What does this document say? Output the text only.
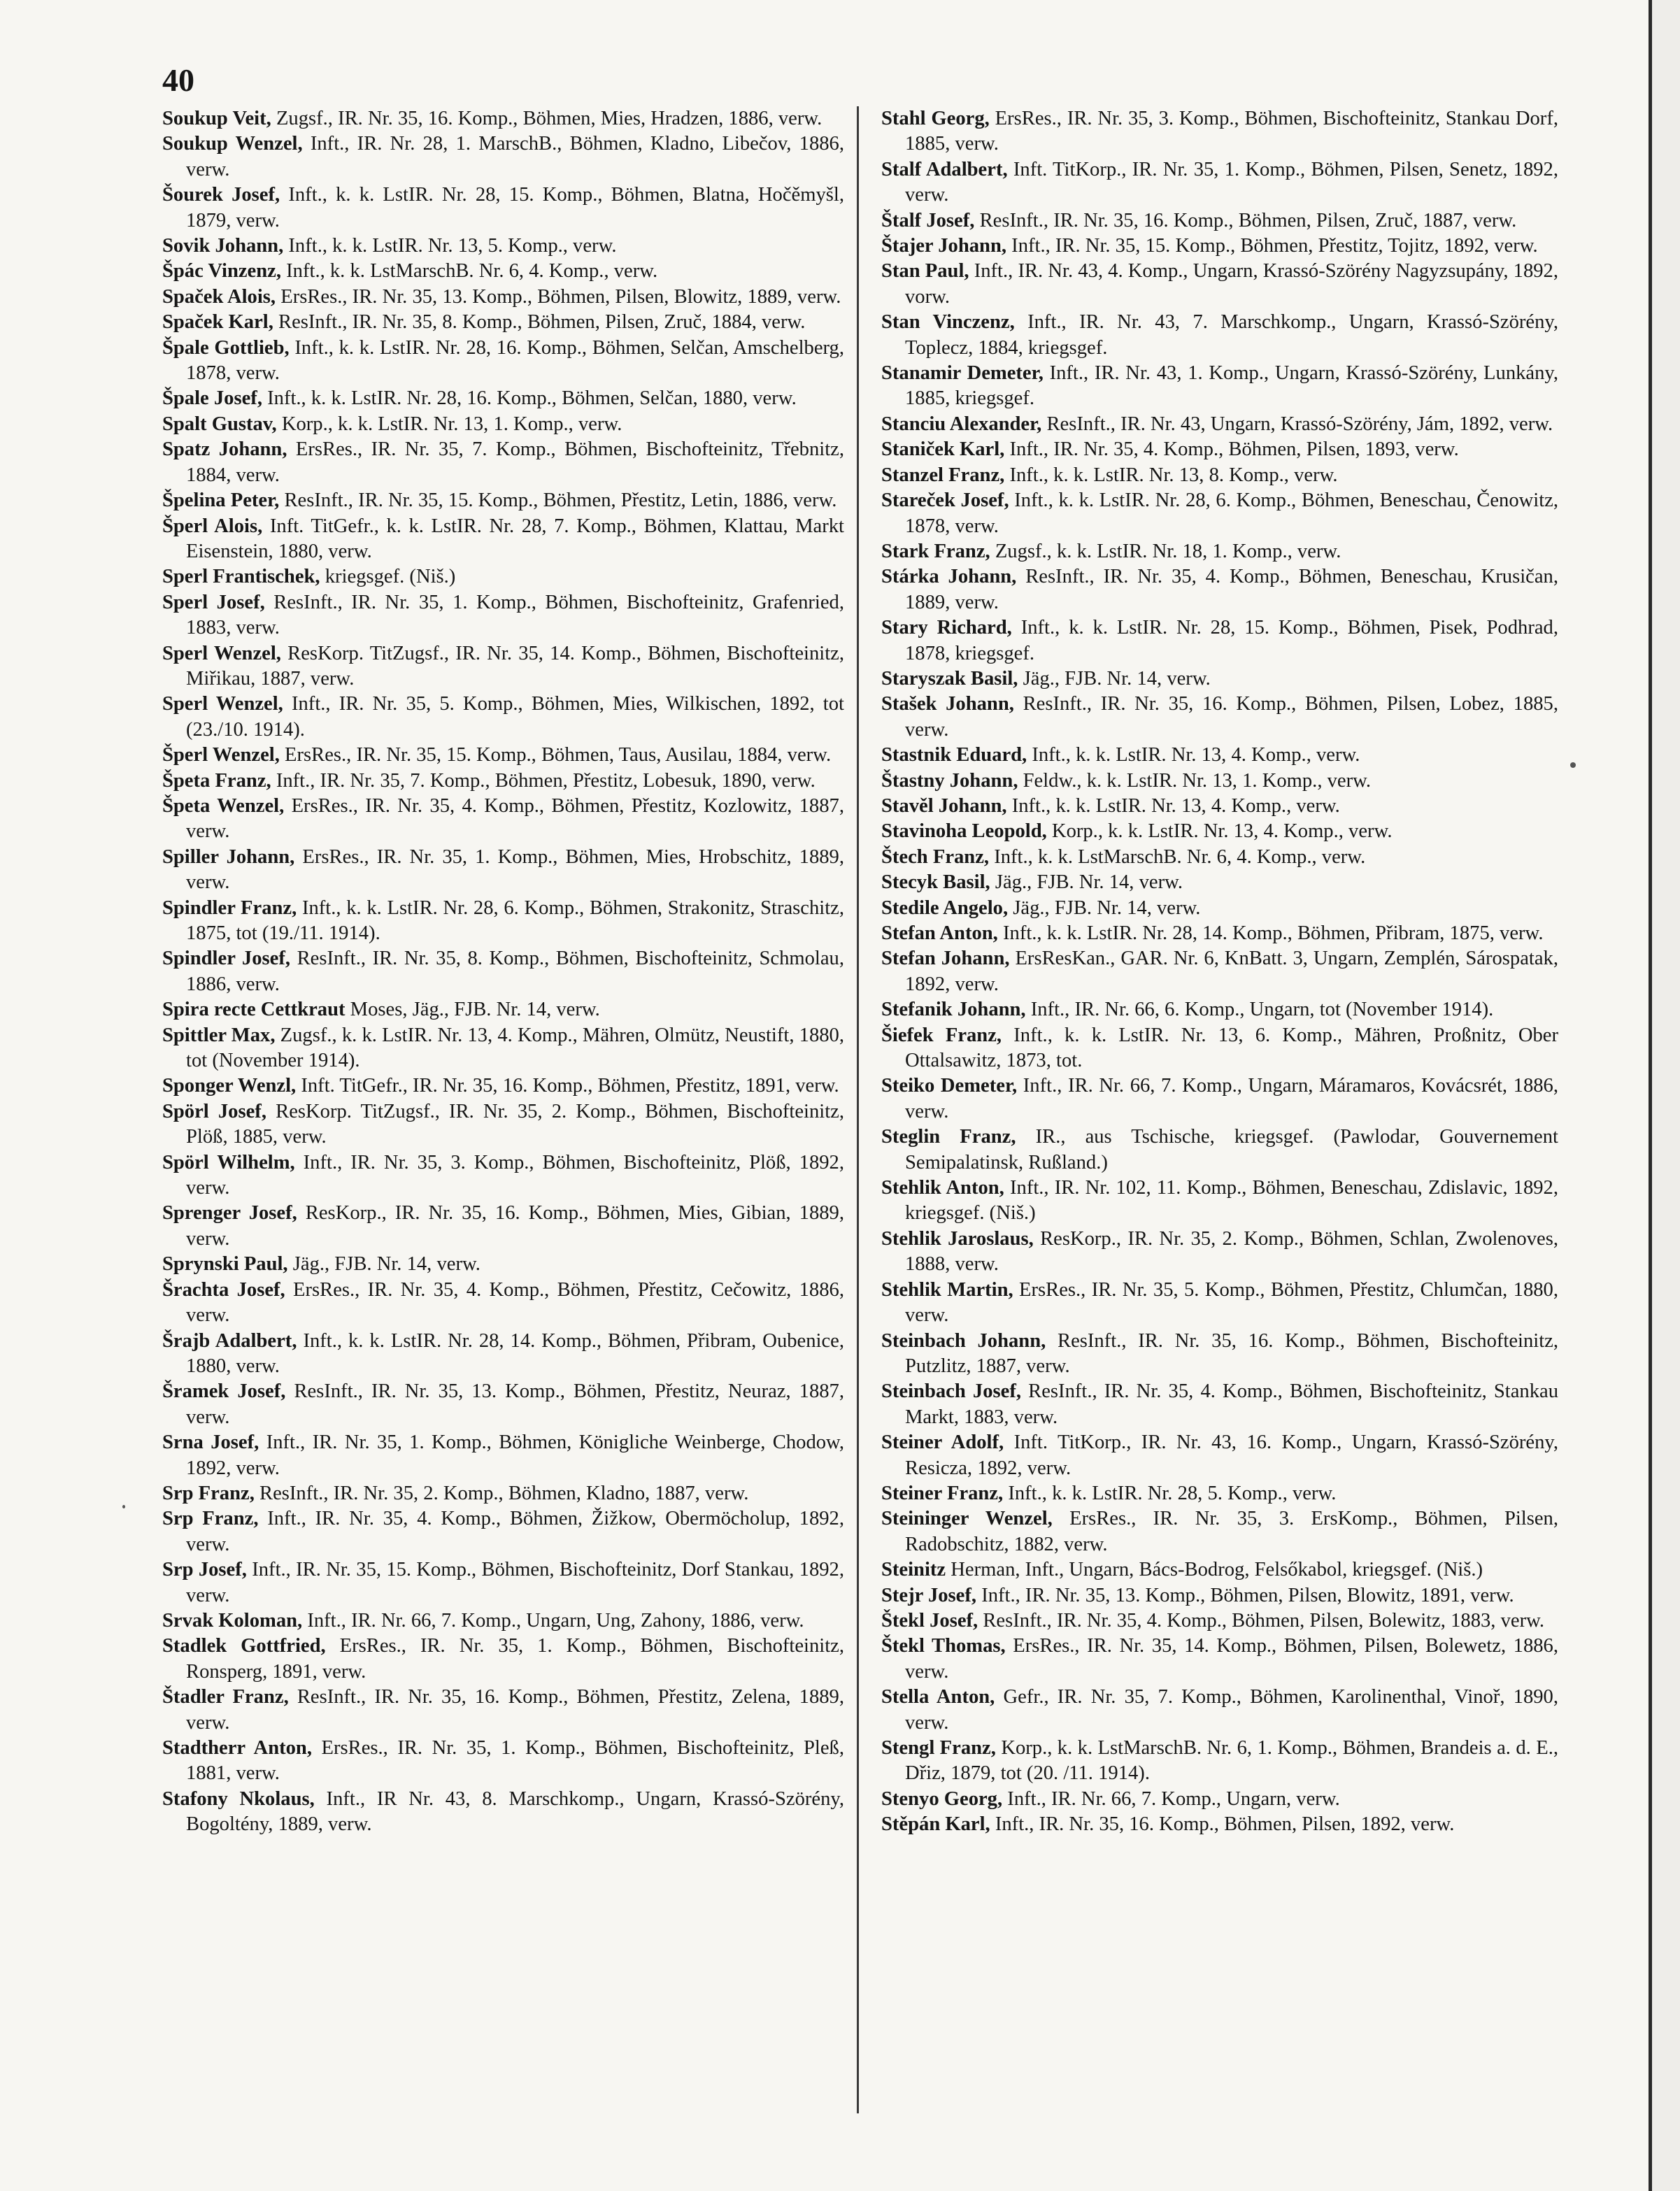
40

Soukup Veit, Zugsf., IR. Nr. 35, 16. Komp., Böhmen, Mies, Hradzen, 1886, verw.

Soukup Wenzel, Inft., IR. Nr. 28, 1. MarschB., Böhmen, Kladno, Libečov, 1886, verw.

Šourek Josef, Inft., k. k. LstIR. Nr. 28, 15. Komp., Böhmen, Blatna, Hočěmyšl, 1879, verw.

Sovik Johann, Inft., k. k. LstIR. Nr. 13, 5. Komp., verw.

Špác Vinzenz, Inft., k. k. LstMarschB. Nr. 6, 4. Komp., verw.

Spaček Alois, ErsRes., IR. Nr. 35, 13. Komp., Böhmen, Pilsen, Blowitz, 1889, verw.

Spaček Karl, ResInft., IR. Nr. 35, 8. Komp., Böhmen, Pilsen, Zruč, 1884, verw.

Špale Gottlieb, Inft., k. k. LstIR. Nr. 28, 16. Komp., Böhmen, Selčan, Amschelberg, 1878, verw.

Špale Josef, Inft., k. k. LstIR. Nr. 28, 16. Komp., Böhmen, Selčan, 1880, verw.

Spalt Gustav, Korp., k. k. LstIR. Nr. 13, 1. Komp., verw.

Spatz Johann, ErsRes., IR. Nr. 35, 7. Komp., Böhmen, Bischofteinitz, Třebnitz, 1884, verw.

Špelina Peter, ResInft., IR. Nr. 35, 15. Komp., Böhmen, Přestitz, Letin, 1886, verw.

Šperl Alois, Inft. TitGefr., k. k. LstIR. Nr. 28, 7. Komp., Böhmen, Klattau, Markt Eisenstein, 1880, verw.

Sperl Frantischek, kriegsgef. (Niš.)

Sperl Josef, ResInft., IR. Nr. 35, 1. Komp., Böhmen, Bischofteinitz, Grafenried, 1883, verw.

Sperl Wenzel, ResKorp. TitZugsf., IR. Nr. 35, 14. Komp., Böhmen, Bischofteinitz, Miřikau, 1887, verw.

Sperl Wenzel, Inft., IR. Nr. 35, 5. Komp., Böhmen, Mies, Wilkischen, 1892, tot (23./10. 1914).

Šperl Wenzel, ErsRes., IR. Nr. 35, 15. Komp., Böhmen, Taus, Ausilau, 1884, verw.

Špeta Franz, Inft., IR. Nr. 35, 7. Komp., Böhmen, Přestitz, Lobesuk, 1890, verw.

Špeta Wenzel, ErsRes., IR. Nr. 35, 4. Komp., Böhmen, Přestitz, Kozlowitz, 1887, verw.

Spiller Johann, ErsRes., IR. Nr. 35, 1. Komp., Böhmen, Mies, Hrobschitz, 1889, verw.

Spindler Franz, Inft., k. k. LstIR. Nr. 28, 6. Komp., Böhmen, Strakonitz, Straschitz, 1875, tot (19./11. 1914).

Spindler Josef, ResInft., IR. Nr. 35, 8. Komp., Böhmen, Bischofteinitz, Schmolau, 1886, verw.

Spira recte Cettkraut Moses, Jäg., FJB. Nr. 14, verw.

Spittler Max, Zugsf., k. k. LstIR. Nr. 13, 4. Komp., Mähren, Olmütz, Neustift, 1880, tot (November 1914).

Sponger Wenzl, Inft. TitGefr., IR. Nr. 35, 16. Komp., Böhmen, Přestitz, 1891, verw.

Spörl Josef, ResKorp. TitZugsf., IR. Nr. 35, 2. Komp., Böhmen, Bischofteinitz, Plöß, 1885, verw.

Spörl Wilhelm, Inft., IR. Nr. 35, 3. Komp., Böhmen, Bischofteinitz, Plöß, 1892, verw.

Sprenger Josef, ResKorp., IR. Nr. 35, 16. Komp., Böhmen, Mies, Gibian, 1889, verw.

Sprynski Paul, Jäg., FJB. Nr. 14, verw.

Šrachta Josef, ErsRes., IR. Nr. 35, 4. Komp., Böhmen, Přestitz, Cečowitz, 1886, verw.

Šrajb Adalbert, Inft., k. k. LstIR. Nr. 28, 14. Komp., Böhmen, Přibram, Oubenice, 1880, verw.

Šramek Josef, ResInft., IR. Nr. 35, 13. Komp., Böhmen, Přestitz, Neuraz, 1887, verw.

Srna Josef, Inft., IR. Nr. 35, 1. Komp., Böhmen, Königliche Weinberge, Chodow, 1892, verw.

Srp Franz, ResInft., IR. Nr. 35, 2. Komp., Böhmen, Kladno, 1887, verw.

Srp Franz, Inft., IR. Nr. 35, 4. Komp., Böhmen, Žižkow, Obermöcholup, 1892, verw.

Srp Josef, Inft., IR. Nr. 35, 15. Komp., Böhmen, Bischofteinitz, Dorf Stankau, 1892, verw.

Srvak Koloman, Inft., IR. Nr. 66, 7. Komp., Ungarn, Ung, Zahony, 1886, verw.

Stadlek Gottfried, ErsRes., IR. Nr. 35, 1. Komp., Böhmen, Bischofteinitz, Ronsperg, 1891, verw.

Štadler Franz, ResInft., IR. Nr. 35, 16. Komp., Böhmen, Přestitz, Zelena, 1889, verw.

Stadtherr Anton, ErsRes., IR. Nr. 35, 1. Komp., Böhmen, Bischofteinitz, Pleß, 1881, verw.

Stafony Nkolaus, Inft., IR Nr. 43, 8. Marschkomp., Ungarn, Krassó-Szörény, Bogoltény, 1889, verw.

Stahl Georg, ErsRes., IR. Nr. 35, 3. Komp., Böhmen, Bischofteinitz, Stankau Dorf, 1885, verw.

Stalf Adalbert, Inft. TitKorp., IR. Nr. 35, 1. Komp., Böhmen, Pilsen, Senetz, 1892, verw.

Štalf Josef, ResInft., IR. Nr. 35, 16. Komp., Böhmen, Pilsen, Zruč, 1887, verw.

Štajer Johann, Inft., IR. Nr. 35, 15. Komp., Böhmen, Přestitz, Tojitz, 1892, verw.

Stan Paul, Inft., IR. Nr. 43, 4. Komp., Ungarn, Krassó-Szörény Nagyzsupány, 1892, vorw.

Stan Vinczenz, Inft., IR. Nr. 43, 7. Marschkomp., Ungarn, Krassó-Szörény, Toplecz, 1884, kriegsgef.

Stanamir Demeter, Inft., IR. Nr. 43, 1. Komp., Ungarn, Krassó-Szörény, Lunkány, 1885, kriegsgef.

Stanciu Alexander, ResInft., IR. Nr. 43, Ungarn, Krassó-Szörény, Jám, 1892, verw.

Staniček Karl, Inft., IR. Nr. 35, 4. Komp., Böhmen, Pilsen, 1893, verw.

Stanzel Franz, Inft., k. k. LstIR. Nr. 13, 8. Komp., verw.

Stareček Josef, Inft., k. k. LstIR. Nr. 28, 6. Komp., Böhmen, Beneschau, Čenowitz, 1878, verw.

Stark Franz, Zugsf., k. k. LstIR. Nr. 18, 1. Komp., verw.

Stárka Johann, ResInft., IR. Nr. 35, 4. Komp., Böhmen, Beneschau, Krusičan, 1889, verw.

Stary Richard, Inft., k. k. LstIR. Nr. 28, 15. Komp., Böhmen, Pisek, Podhrad, 1878, kriegsgef.

Staryszak Basil, Jäg., FJB. Nr. 14, verw.

Stašek Johann, ResInft., IR. Nr. 35, 16. Komp., Böhmen, Pilsen, Lobez, 1885, verw.

Stastnik Eduard, Inft., k. k. LstIR. Nr. 13, 4. Komp., verw.

Štastny Johann, Feldw., k. k. LstIR. Nr. 13, 1. Komp., verw.

Stavěl Johann, Inft., k. k. LstIR. Nr. 13, 4. Komp., verw.

Stavinoha Leopold, Korp., k. k. LstIR. Nr. 13, 4. Komp., verw.

Štech Franz, Inft., k. k. LstMarschB. Nr. 6, 4. Komp., verw.

Stecyk Basil, Jäg., FJB. Nr. 14, verw.

Stedile Angelo, Jäg., FJB. Nr. 14, verw.

Stefan Anton, Inft., k. k. LstIR. Nr. 28, 14. Komp., Böhmen, Přibram, 1875, verw.

Stefan Johann, ErsResKan., GAR. Nr. 6, KnBatt. 3, Ungarn, Zemplén, Sárospatak, 1892, verw.

Stefanik Johann, Inft., IR. Nr. 66, 6. Komp., Ungarn, tot (November 1914).

Šiefek Franz, Inft., k. k. LstIR. Nr. 13, 6. Komp., Mähren, Proßnitz, Ober Ottalsawitz, 1873, tot.

Steiko Demeter, Inft., IR. Nr. 66, 7. Komp., Ungarn, Máramaros, Kovácsrét, 1886, verw.

Steglin Franz, IR., aus Tschische, kriegsgef. (Pawlodar, Gouvernement Semipalatinsk, Rußland.)

Stehlik Anton, Inft., IR. Nr. 102, 11. Komp., Böhmen, Beneschau, Zdislavic, 1892, kriegsgef. (Niš.)

Stehlik Jaroslaus, ResKorp., IR. Nr. 35, 2. Komp., Böhmen, Schlan, Zwolenoves, 1888, verw.

Stehlik Martin, ErsRes., IR. Nr. 35, 5. Komp., Böhmen, Přestitz, Chlumčan, 1880, verw.

Steinbach Johann, ResInft., IR. Nr. 35, 16. Komp., Böhmen, Bischofteinitz, Putzlitz, 1887, verw.

Steinbach Josef, ResInft., IR. Nr. 35, 4. Komp., Böhmen, Bischofteinitz, Stankau Markt, 1883, verw.

Steiner Adolf, Inft. TitKorp., IR. Nr. 43, 16. Komp., Ungarn, Krassó-Szörény, Resicza, 1892, verw.

Steiner Franz, Inft., k. k. LstIR. Nr. 28, 5. Komp., verw.

Steininger Wenzel, ErsRes., IR. Nr. 35, 3. ErsKomp., Böhmen, Pilsen, Radobschitz, 1882, verw.

Steinitz Herman, Inft., Ungarn, Bács-Bodrog, Felsőkabol, kriegsgef. (Niš.)

Stejr Josef, Inft., IR. Nr. 35, 13. Komp., Böhmen, Pilsen, Blowitz, 1891, verw.

Štekl Josef, ResInft., IR. Nr. 35, 4. Komp., Böhmen, Pilsen, Bolewitz, 1883, verw.

Štekl Thomas, ErsRes., IR. Nr. 35, 14. Komp., Böhmen, Pilsen, Bolewetz, 1886, verw.

Stella Anton, Gefr., IR. Nr. 35, 7. Komp., Böhmen, Karolinenthal, Vinoř, 1890, verw.

Stengl Franz, Korp., k. k. LstMarschB. Nr. 6, 1. Komp., Böhmen, Brandeis a. d. E., Dřiz, 1879, tot (20. /11. 1914).

Stenyo Georg, Inft., IR. Nr. 66, 7. Komp., Ungarn, verw.

Stěpán Karl, Inft., IR. Nr. 35, 16. Komp., Böhmen, Pilsen, 1892, verw.
